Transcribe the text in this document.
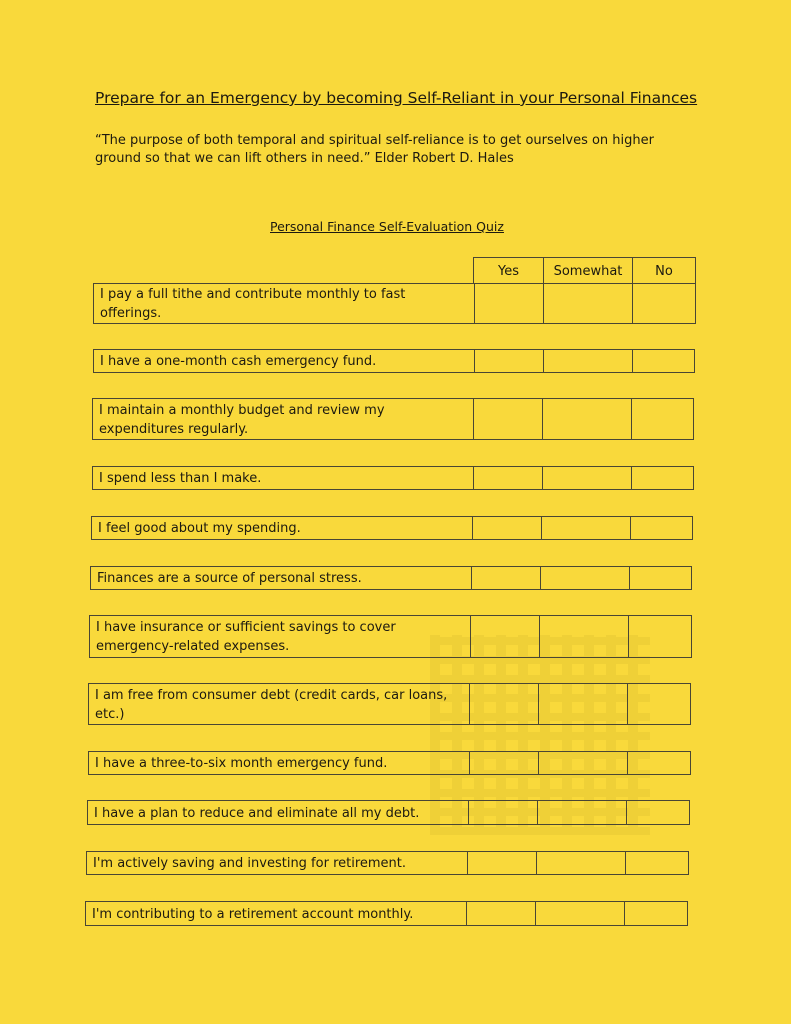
Prepare for an Emergency by becoming Self-Reliant in your Personal Finances
“The purpose of both temporal and spiritual self-reliance is to get ourselves on higher ground so that we can lift others in need.” Elder Robert D. Hales
Personal Finance Self-Evaluation Quiz
Yes	Somewhat	No
I pay a full tithe and contribute monthly to fast offerings.
I have a one-month cash emergency fund.
I maintain a monthly budget and review my expenditures regularly.
I spend less than I make.
I feel good about my spending.
Finances are a source of personal stress.
I have insurance or sufficient savings to cover emergency-related expenses.
I am free from consumer debt (credit cards, car loans, etc.)
I have a three-to-six month emergency fund.
I have a plan to reduce and eliminate all my debt.
I'm actively saving and investing for retirement.
I'm contributing to a retirement account monthly.
